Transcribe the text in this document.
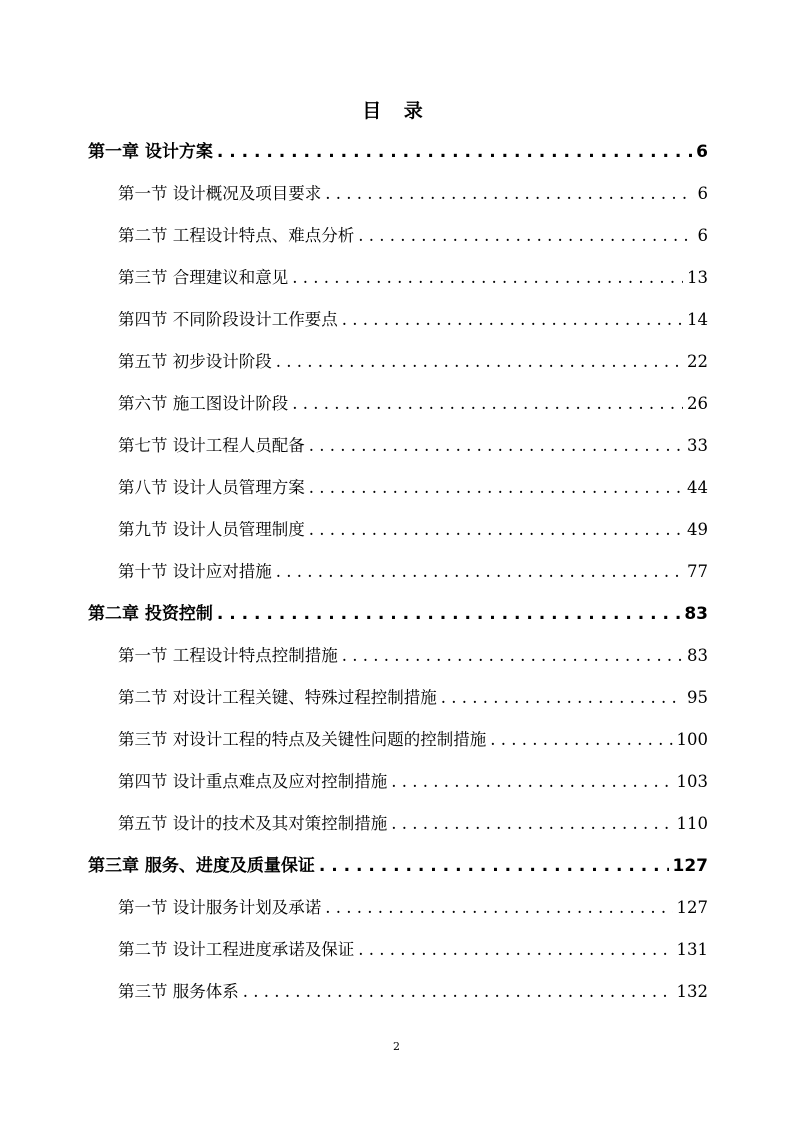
目 录
第一章 设计方案 . . .	6
第一节 设计概况及项目要求 . . .	6
第二节 工程设计特点、难点分析 . . .	6
第三节 合理建议和意见 . . .	13
第四节 不同阶段设计工作要点 . . .	14
第五节 初步设计阶段 . . .	22
第六节 施工图设计阶段 . . .	26
第七节 设计工程人员配备 . . .	33
第八节 设计人员管理方案 . . .	44
第九节 设计人员管理制度 . . .	49
第十节 设计应对措施 . . .	77
第二章 投资控制 . . .	83
第一节 工程设计特点控制措施 . . .	83
第二节 对设计工程关键、特殊过程控制措施 . . .	95
第三节 对设计工程的特点及关键性问题的控制措施 . . .	100
第四节 设计重点难点及应对控制措施 . . .	103
第五节 设计的技术及其对策控制措施 . . .	110
第三章 服务、进度及质量保证 . . .	127
第一节 设计服务计划及承诺 . . .	127
第二节 设计工程进度承诺及保证 . . .	131
第三节 服务体系 . . .	132
2
